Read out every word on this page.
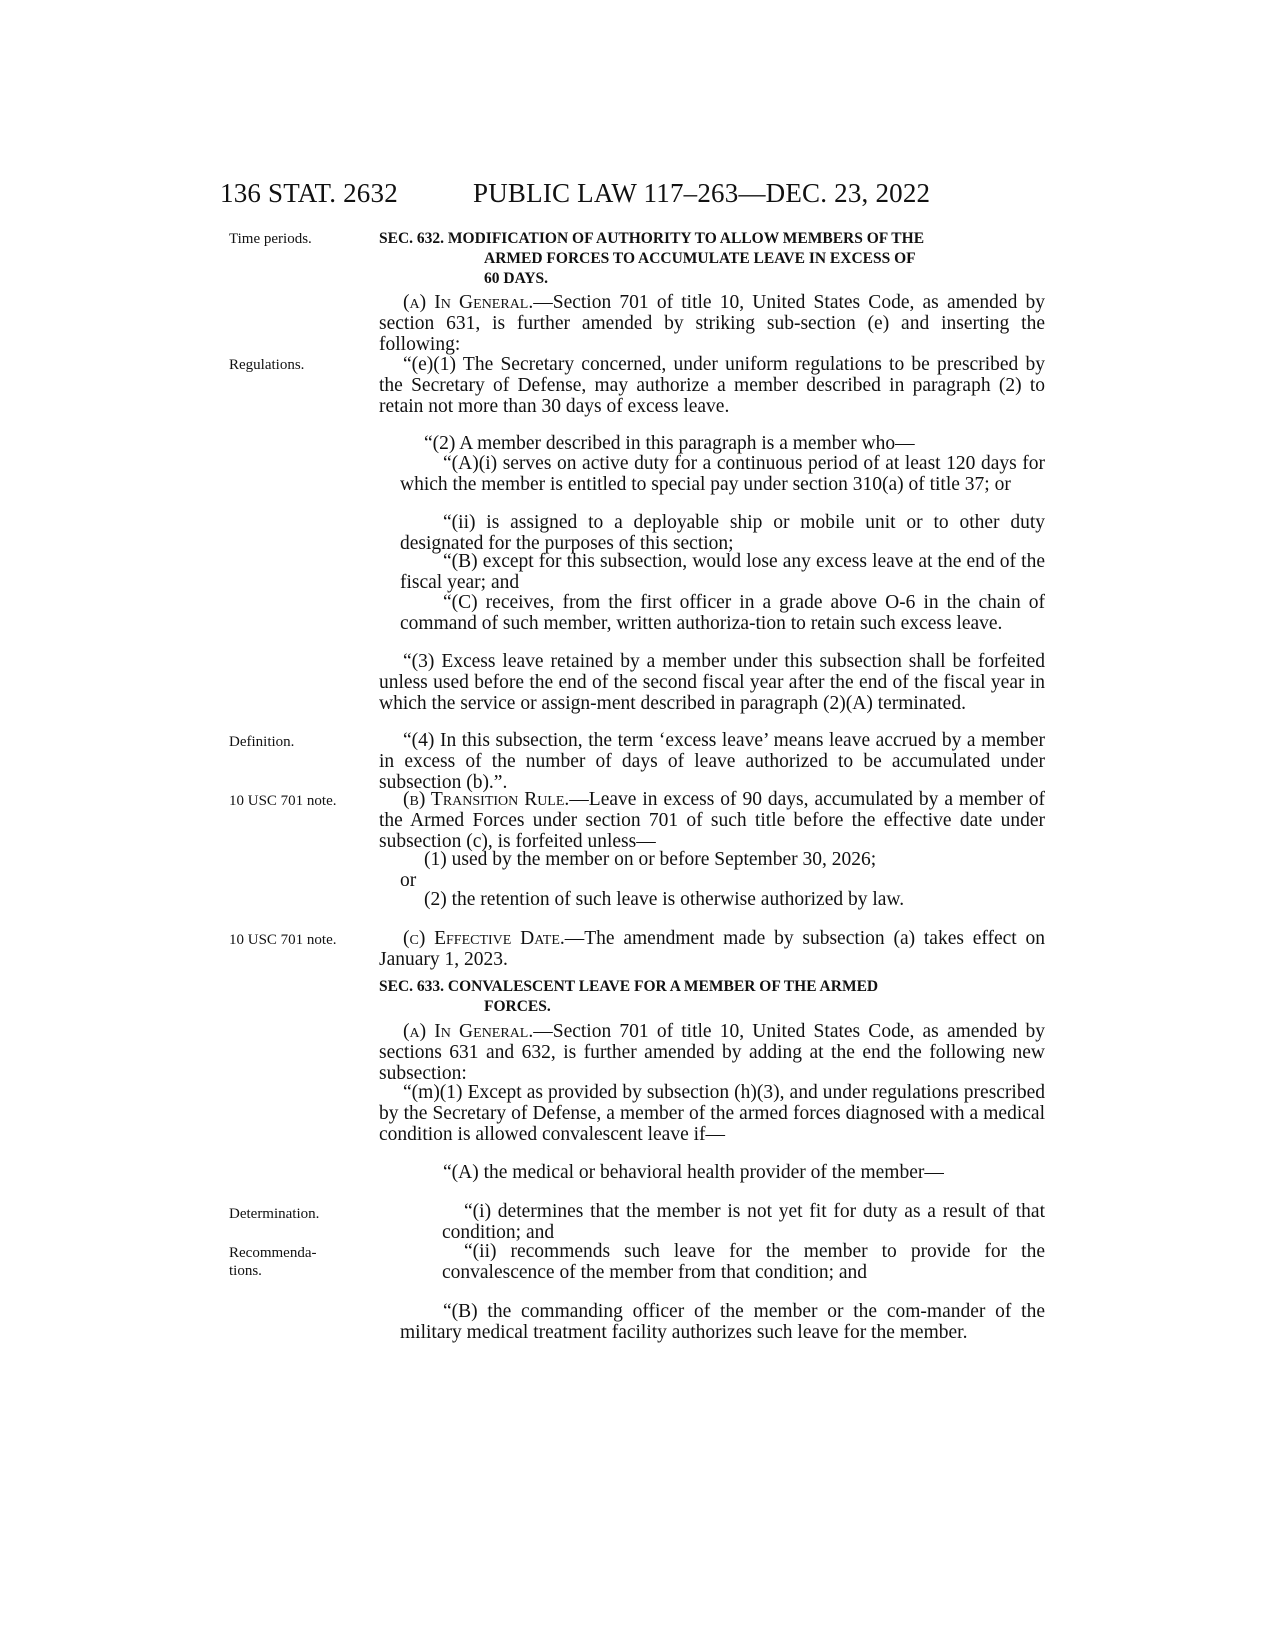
136 STAT. 2632	PUBLIC LAW 117–263—DEC. 23, 2022
Time periods.
Regulations.
Definition.
10 USC 701 note.
10 USC 701 note.
Determination.
Recommenda-
tions.
SEC. 632. MODIFICATION OF AUTHORITY TO ALLOW MEMBERS OF THE
ARMED FORCES TO ACCUMULATE LEAVE IN EXCESS OF
60 DAYS.

(a) In General.—Section 701 of title 10, United States Code, as amended by section 631, is further amended by striking sub-section (e) and inserting the following:

“(e)(1) The Secretary concerned, under uniform regulations to be prescribed by the Secretary of Defense, may authorize a member described in paragraph (2) to retain not more than 30 days of excess leave.

“(2) A member described in this paragraph is a member who—

“(A)(i) serves on active duty for a continuous period of at least 120 days for which the member is entitled to special pay under section 310(a) of title 37; or

“(ii) is assigned to a deployable ship or mobile unit or to other duty designated for the purposes of this section;

“(B) except for this subsection, would lose any excess leave at the end of the fiscal year; and

“(C) receives, from the first officer in a grade above O-6 in the chain of command of such member, written authoriza-tion to retain such excess leave.

“(3) Excess leave retained by a member under this subsection shall be forfeited unless used before the end of the second fiscal year after the end of the fiscal year in which the service or assign-ment described in paragraph (2)(A) terminated.

“(4) In this subsection, the term ‘excess leave’ means leave accrued by a member in excess of the number of days of leave authorized to be accumulated under subsection (b).”.

(b) Transition Rule.—Leave in excess of 90 days, accumulated by a member of the Armed Forces under section 701 of such title before the effective date under subsection (c), is forfeited unless—

(1) used by the member on or before September 30, 2026;
or

(2) the retention of such leave is otherwise authorized by law.

(c) Effective Date.—The amendment made by subsection (a) takes effect on January 1, 2023.

SEC. 633. CONVALESCENT LEAVE FOR A MEMBER OF THE ARMED
FORCES.

(a) In General.—Section 701 of title 10, United States Code, as amended by sections 631 and 632, is further amended by adding at the end the following new subsection:

“(m)(1) Except as provided by subsection (h)(3), and under regulations prescribed by the Secretary of Defense, a member of the armed forces diagnosed with a medical condition is allowed convalescent leave if—

“(A) the medical or behavioral health provider of the member—

“(i) determines that the member is not yet fit for duty as a result of that condition; and

“(ii) recommends such leave for the member to provide for the convalescence of the member from that condition; and

“(B) the commanding officer of the member or the com-mander of the military medical treatment facility authorizes such leave for the member.
